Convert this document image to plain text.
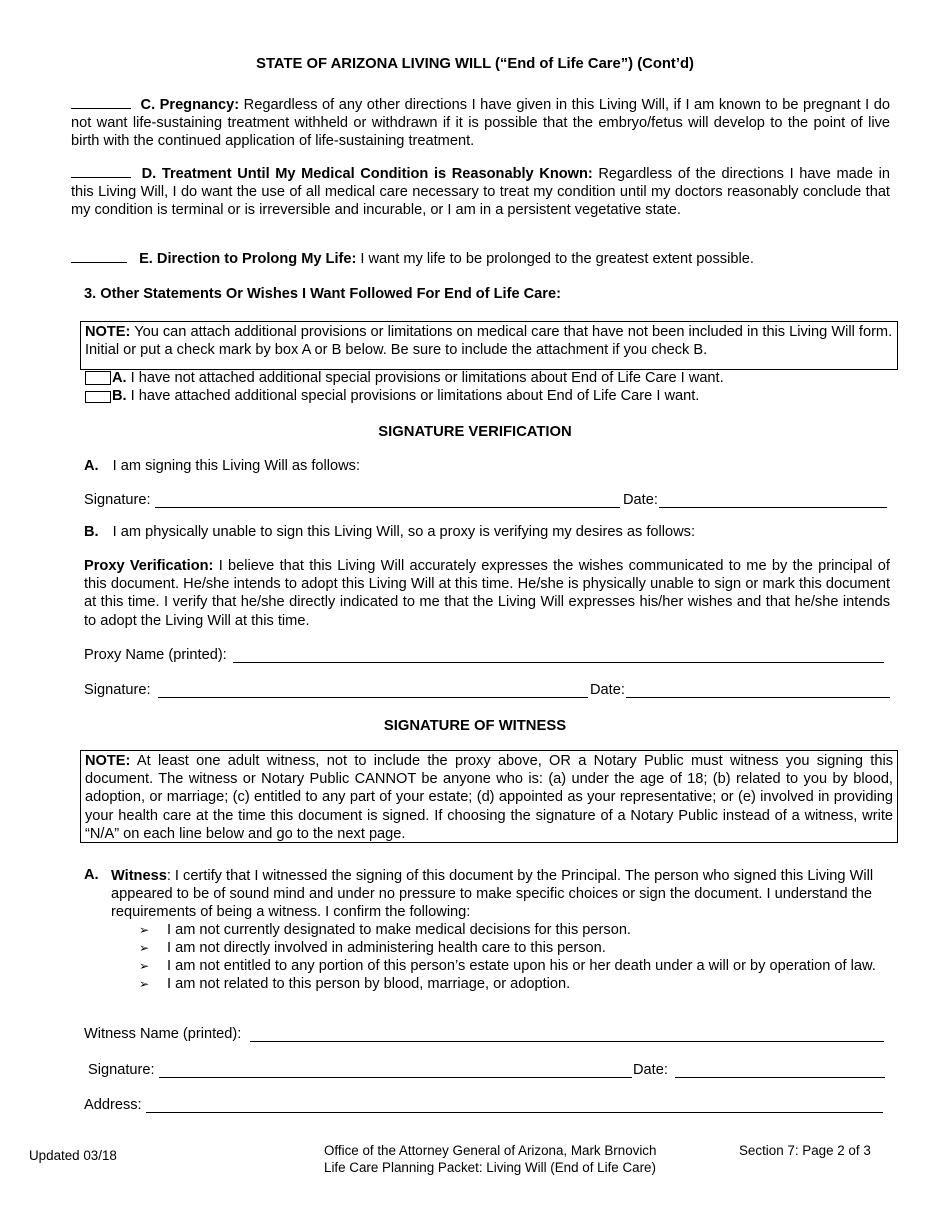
STATE OF ARIZONA LIVING WILL (“End of Life Care”) (Cont’d)
C. Pregnancy: Regardless of any other directions I have given in this Living Will, if I am known to be pregnant I do not want life-sustaining treatment withheld or withdrawn if it is possible that the embryo/fetus will develop to the point of live birth with the continued application of life-sustaining treatment.
D. Treatment Until My Medical Condition is Reasonably Known: Regardless of the directions I have made in this Living Will, I do want the use of all medical care necessary to treat my condition until my doctors reasonably conclude that my condition is terminal or is irreversible and incurable, or I am in a persistent vegetative state.
E. Direction to Prolong My Life: I want my life to be prolonged to the greatest extent possible.
3. Other Statements Or Wishes I Want Followed For End of Life Care:
NOTE: You can attach additional provisions or limitations on medical care that have not been included in this Living Will form. Initial or put a check mark by box A or B below. Be sure to include the attachment if you check B.
A. I have not attached additional special provisions or limitations about End of Life Care I want.
B. I have attached additional special provisions or limitations about End of Life Care I want.
SIGNATURE VERIFICATION
A. I am signing this Living Will as follows:
Signature:	Date:
B. I am physically unable to sign this Living Will, so a proxy is verifying my desires as follows:
Proxy Verification: I believe that this Living Will accurately expresses the wishes communicated to me by the principal of this document. He/she intends to adopt this Living Will at this time. He/she is physically unable to sign or mark this document at this time. I verify that he/she directly indicated to me that the Living Will expresses his/her wishes and that he/she intends to adopt the Living Will at this time.
Proxy Name (printed):
Signature:	Date:
SIGNATURE OF WITNESS
NOTE: At least one adult witness, not to include the proxy above, OR a Notary Public must witness you signing this document. The witness or Notary Public CANNOT be anyone who is: (a) under the age of 18; (b) related to you by blood, adoption, or marriage; (c) entitled to any part of your estate; (d) appointed as your representative; or (e) involved in providing your health care at the time this document is signed. If choosing the signature of a Notary Public instead of a witness, write “N/A” on each line below and go to the next page.
A. Witness: I certify that I witnessed the signing of this document by the Principal. The person who signed this Living Will appeared to be of sound mind and under no pressure to make specific choices or sign the document. I understand the requirements of being a witness. I confirm the following:
➢ I am not currently designated to make medical decisions for this person.
➢ I am not directly involved in administering health care to this person.
➢ I am not entitled to any portion of this person’s estate upon his or her death under a will or by operation of law.
➢ I am not related to this person by blood, marriage, or adoption.
Witness Name (printed):
Signature:	Date:
Address:
Updated 03/18	Office of the Attorney General of Arizona, Mark Brnovich
Life Care Planning Packet: Living Will (End of Life Care)
Section 7: Page 2 of 3
